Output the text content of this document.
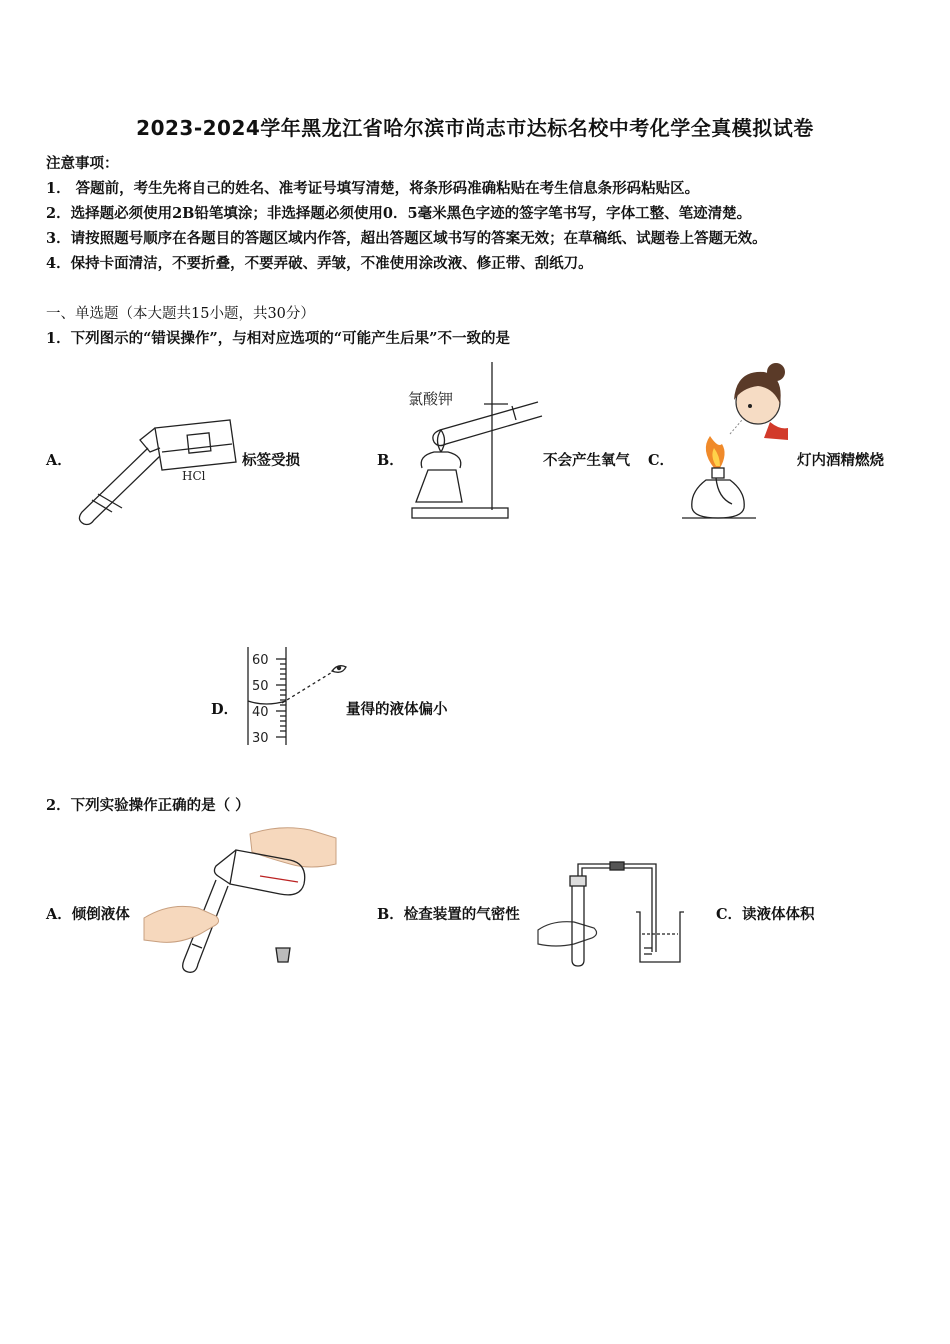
2023-2024学年黑龙江省哈尔滨市尚志市达标名校中考化学全真模拟试卷
注意事项：
1． 答题前，考生先将自己的姓名、准考证号填写清楚，将条形码准确粘贴在考生信息条形码粘贴区。
2．选择题必须使用2B铅笔填涂；非选择题必须使用0．5毫米黑色字迹的签字笔书写，字体工整、笔迹清楚。
3．请按照题号顺序在各题目的答题区域内作答，超出答题区域书写的答案无效；在草稿纸、试题卷上答题无效。
4．保持卡面清洁，不要折叠，不要弄破、弄皱，不准使用涂改液、修正带、刮纸刀。
一、单选题（本大题共15小题，共30分）
1．下列图示的“错误操作”，与相对应选项的“可能产生后果”不一致的是
A．
HCl
标签受损	B．
氯酸钾
不会产生氧气 C．	灯内酒精燃烧
D．
60
50
40
30
量得的液体偏小
2．下列实验操作正确的是（ ）
A．倾倒液体	B．检查装置的气密性	C．读液体体积
